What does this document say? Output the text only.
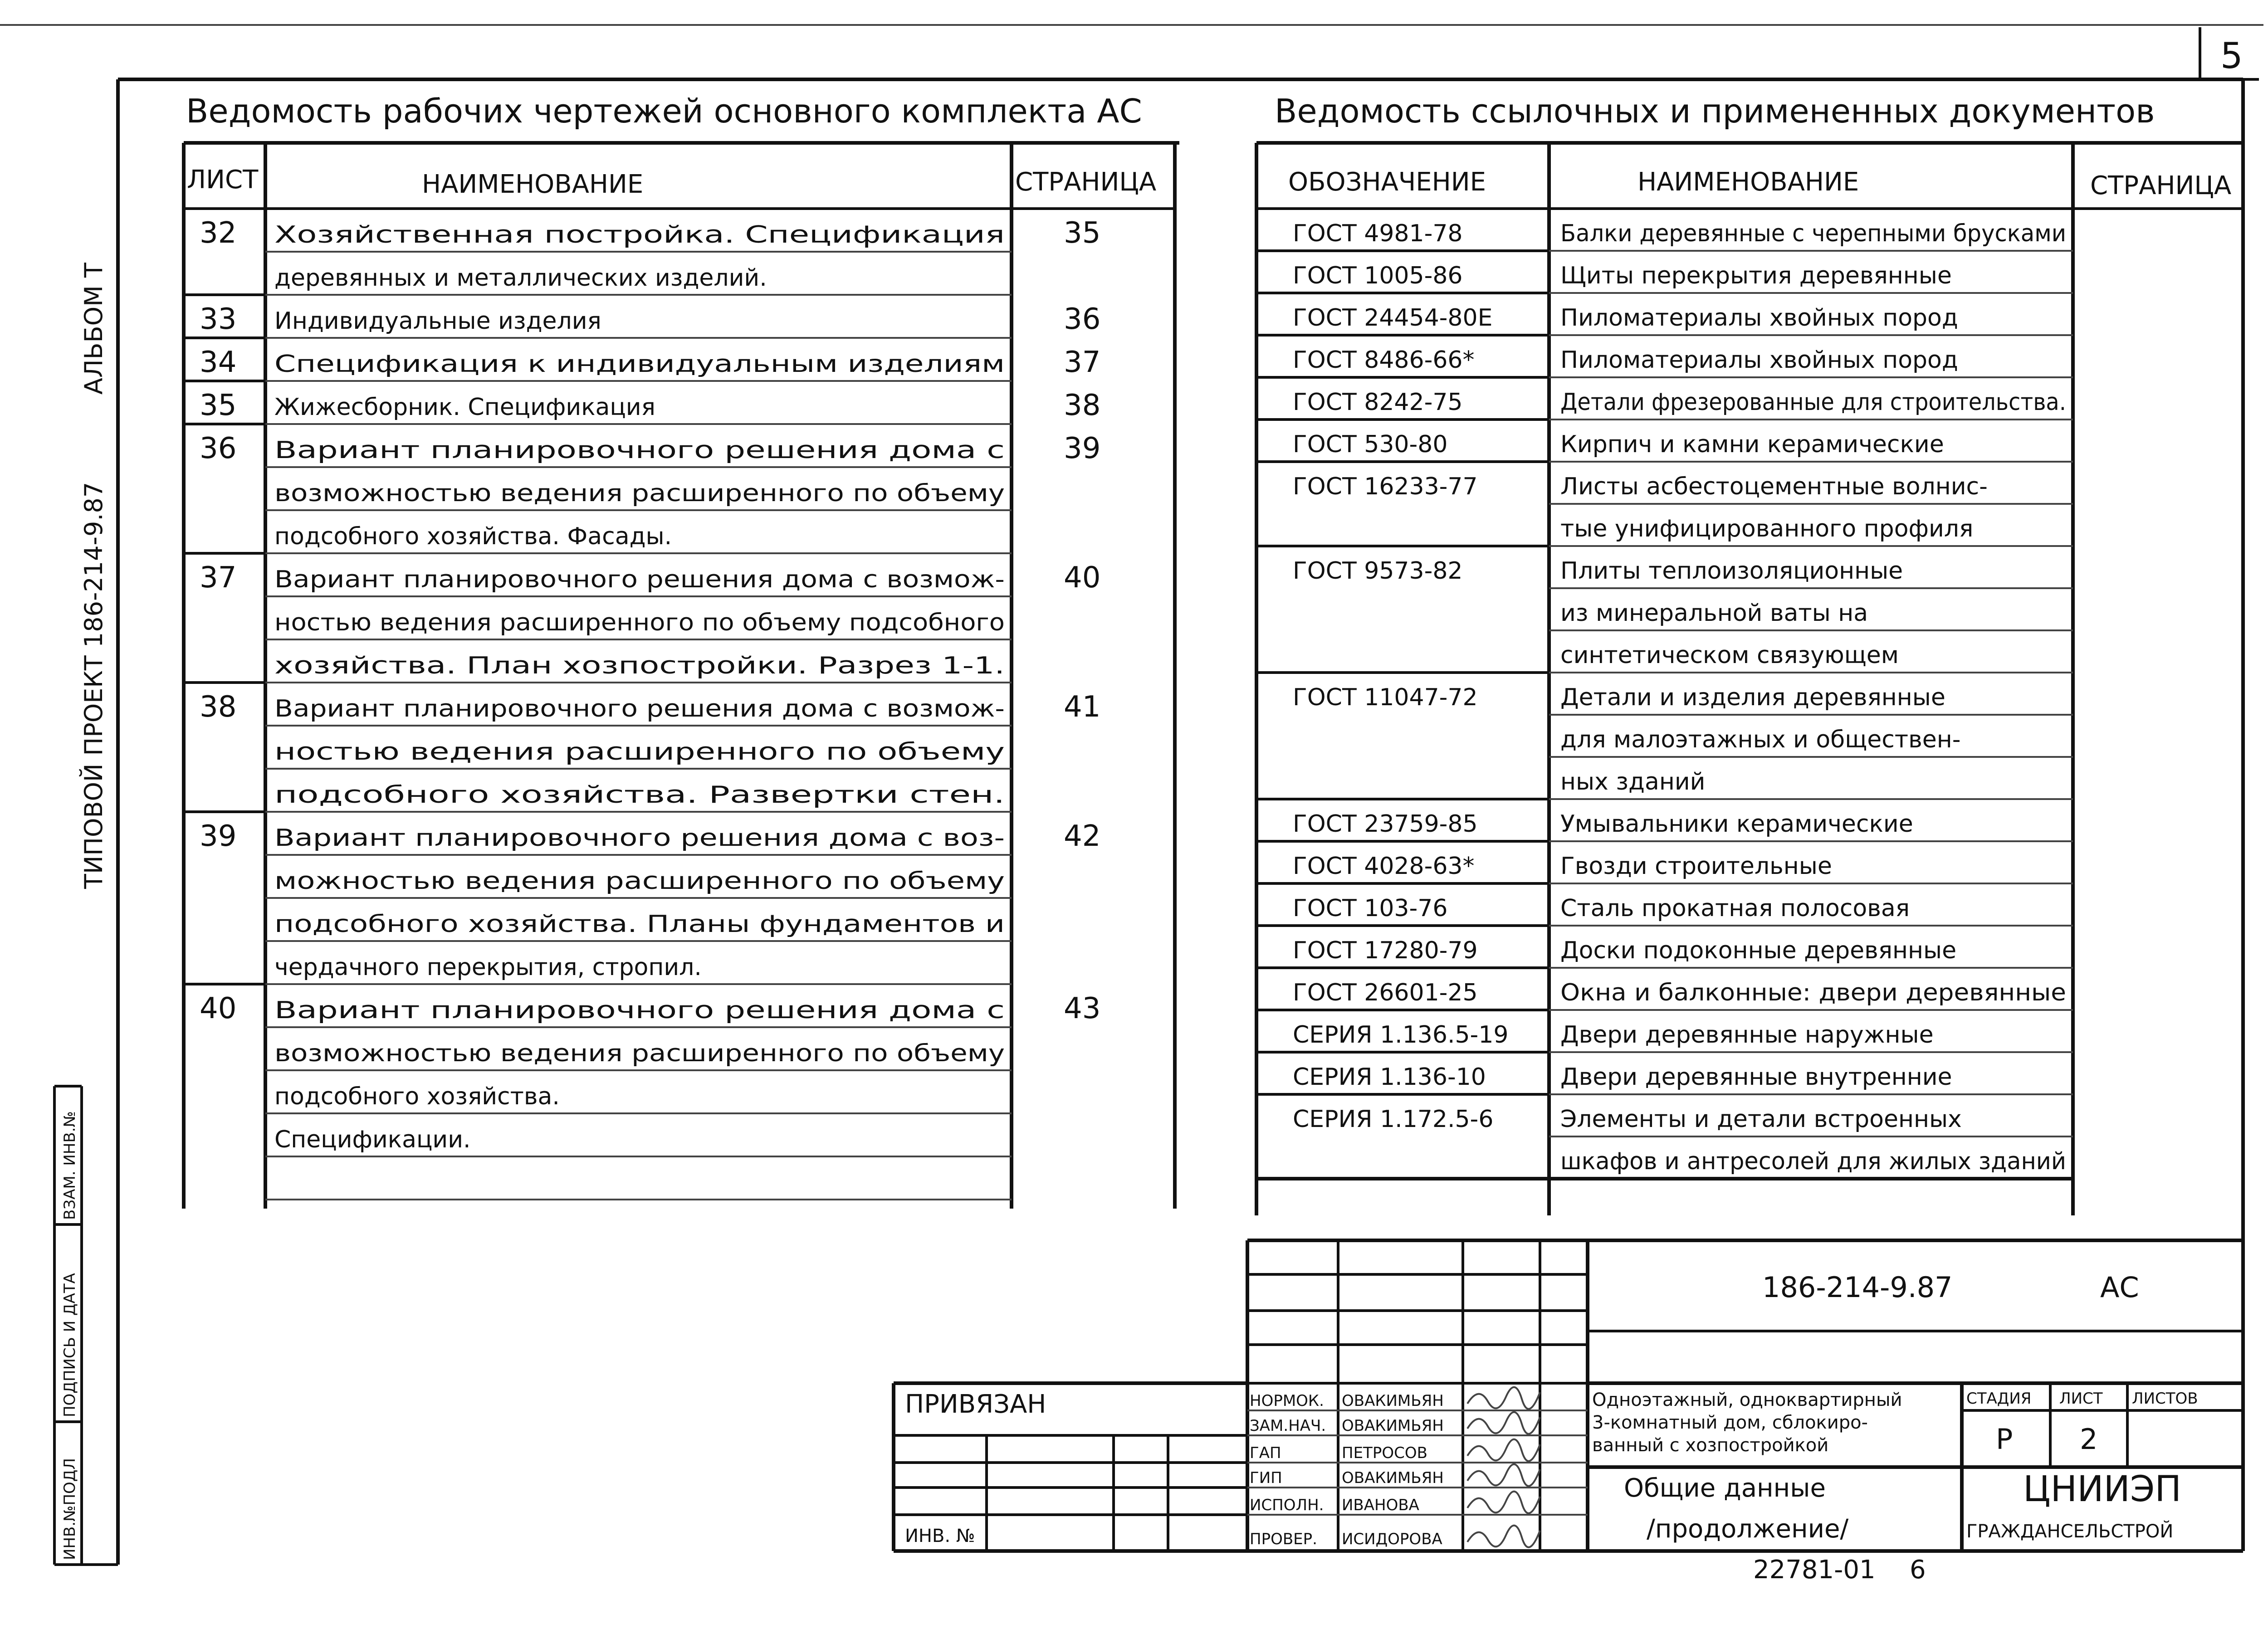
5
АЛЬБОМ Т
ТИПОВОЙ ПРОЕКТ 186-214-9.87
ВЗАМ. ИНВ.№
ПОДПИСЬ И ДАТА
ИНВ.№ПОДЛ
Ведомость рабочих чертежей основного комплекта АС
ЛИСТ	НАИМЕНОВАНИЕ	СТРАНИЦА
32 Хозяйственная постройка. Спецификация 35
деревянных и металлических изделий.
33 Индивидуальные изделия	36
34 Спецификация к индивидуальным изделиям 37
35 Жижесборник. Спецификация	38
36 Вариант планировочного решения дома с 39
возможностью ведения расширенного по объему
подсобного хозяйства. Фасады.
37 Вариант планировочного решения дома с возмож- 40
ностью ведения расширенного по объему подсобного
хозяйства. План хозпостройки. Разрез 1-1.
38 Вариант планировочного решения дома с возмож- 41
ностью ведения расширенного по объему
подсобного хозяйства. Развертки стен.
39 Вариант планировочного решения дома с воз- 42
можностью ведения расширенного по объему
подсобного хозяйства. Планы фундаментов и
чердачного перекрытия, стропил.
40 Вариант планировочного решения дома с 43
возможностью ведения расширенного по объему
подсобного хозяйства.
Спецификации.
Ведомость ссылочных и примененных документов
ОБОЗНАЧЕНИЕ	НАИМЕНОВАНИЕ	СТРАНИЦА
ГОСТ 4981-78	Балки деревянные с черепными брусками
ГОСТ 1005-86	Щиты перекрытия деревянные
ГОСТ 24454-80Е	Пиломатериалы хвойных пород
ГОСТ 8486-66*	Пиломатериалы хвойных пород
ГОСТ 8242-75	Детали фрезерованные для строительства.
ГОСТ 530-80	Кирпич и камни керамические
ГОСТ 16233-77	Листы асбестоцементные волнис-
тые унифицированного профиля
ГОСТ 9573-82	Плиты теплоизоляционные
из минеральной ваты на
синтетическом связующем
ГОСТ 11047-72	Детали и изделия деревянные
для малоэтажных и обществен-
ных зданий
ГОСТ 23759-85	Умывальники керамические
ГОСТ 4028-63*	Гвозди строительные
ГОСТ 103-76	Сталь прокатная полосовая
ГОСТ 17280-79	Доски подоконные деревянные
ГОСТ 26601-25	Окна и балконные: двери деревянные
СЕРИЯ 1.136.5-19 Двери деревянные наружные
СЕРИЯ 1.136-10	Двери деревянные внутренние
СЕРИЯ 1.172.5-6	Элементы и детали встроенных
шкафов и антресолей для жилых зданий
186-214-9.87	АС
ПРИВЯЗАН
ИНВ. №
НОРМОК. ОВАКИМЬЯН
ЗАМ.НАЧ. ОВАКИМЬЯН
ГАП	ПЕТРОСОВ
ГИП	ОВАКИМЬЯН
ИСПОЛН. ИВАНОВА
ПРОВЕР. ИСИДОРОВА
Одноэтажный, одноквартирный
3-комнатный дом, сблокиро-
ванный с хозпостройкой
СТАДИЯ ЛИСТ ЛИСТОВ
Р 2
Общие данные
/продолжение/
ЦНИИЭП
ГРАЖДАНСЕЛЬСТРОЙ
22781-01 6
